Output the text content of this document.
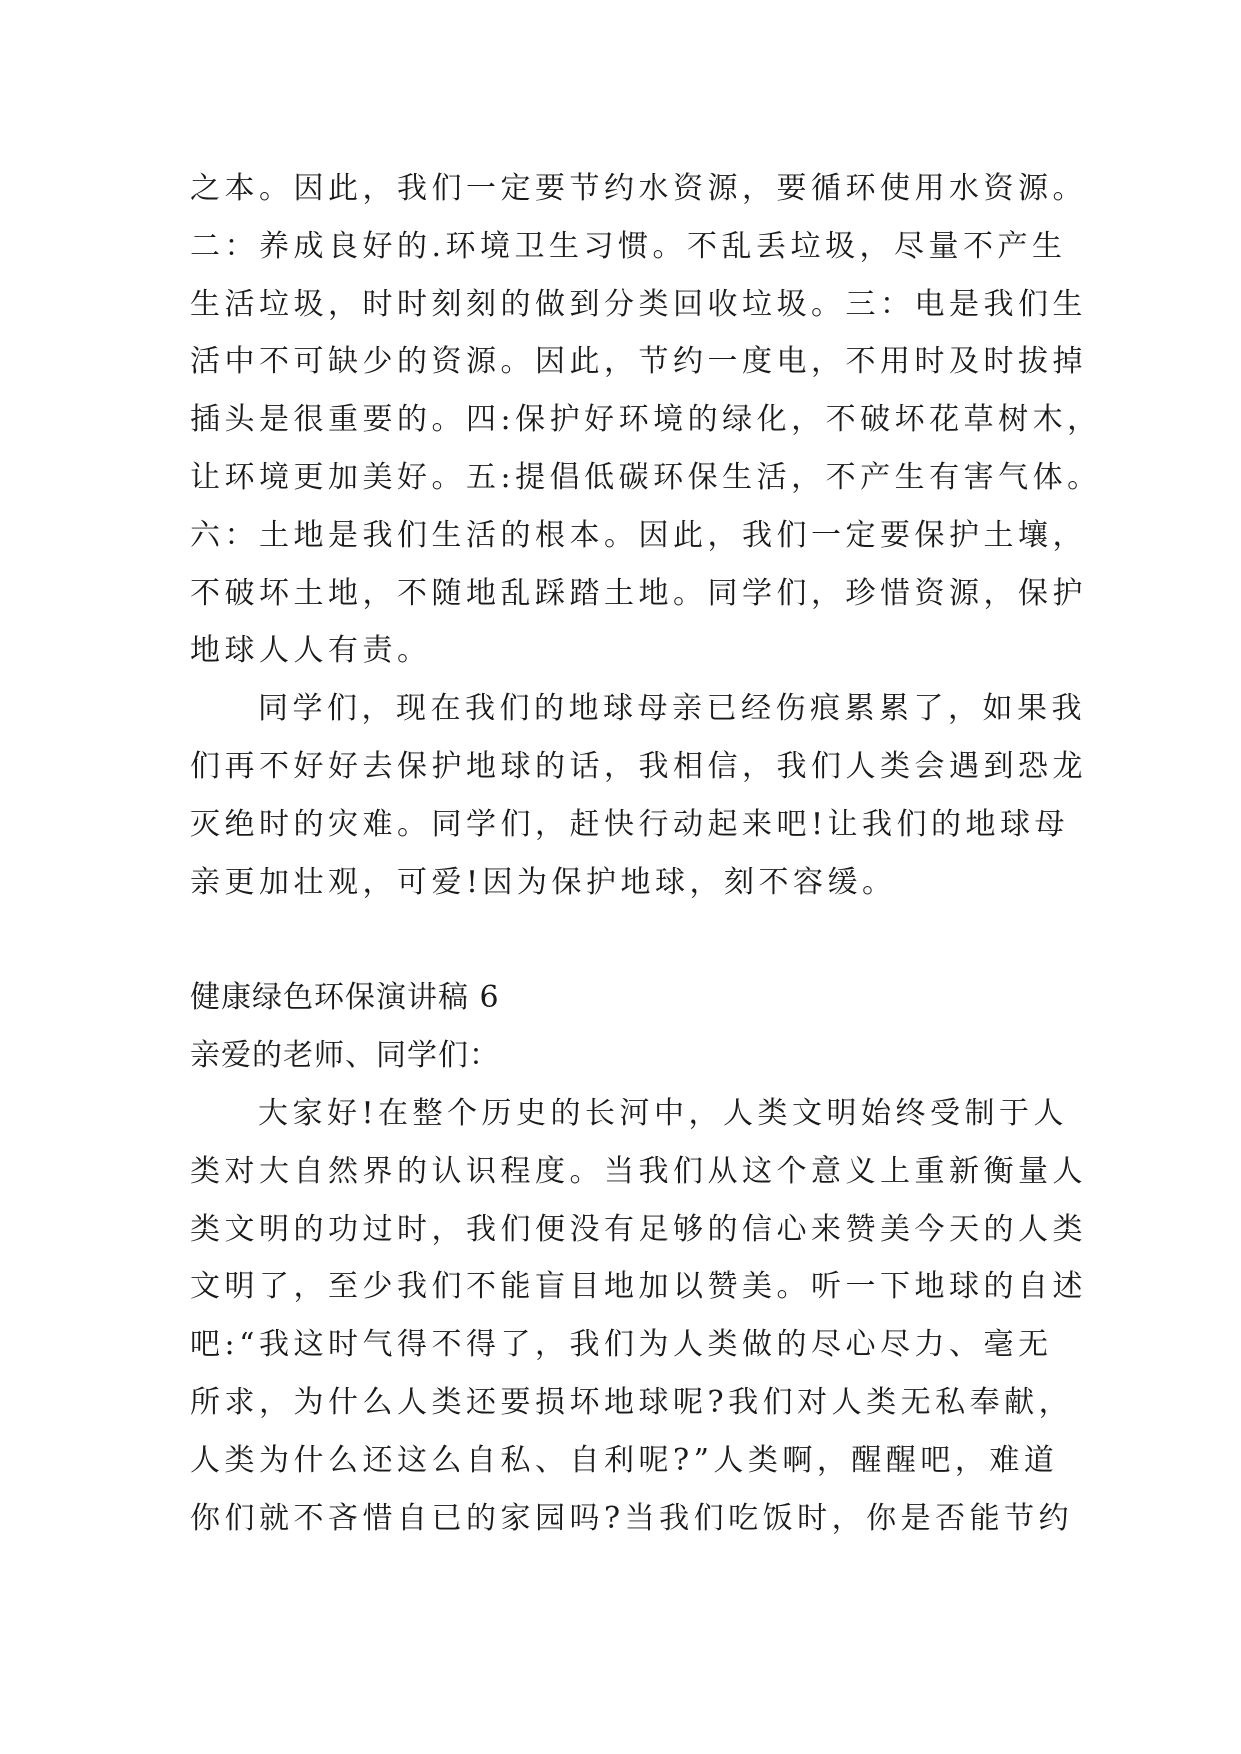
之本。因此，我们一定要节约水资源，要循环使用水资源。
二：养成良好的.环境卫生习惯。不乱丢垃圾，尽量不产生
生活垃圾，时时刻刻的做到分类回收垃圾。三：电是我们生
活中不可缺少的资源。因此，节约一度电，不用时及时拔掉
插头是很重要的。四:保护好环境的绿化，不破坏花草树木，
让环境更加美好。五:提倡低碳环保生活，不产生有害气体。
六：土地是我们生活的根本。因此，我们一定要保护土壤，
不破坏土地，不随地乱踩踏土地。同学们，珍惜资源，保护
地球人人有责。
同学们，现在我们的地球母亲已经伤痕累累了，如果我
们再不好好去保护地球的话，我相信，我们人类会遇到恐龙
灭绝时的灾难。同学们，赶快行动起来吧!让我们的地球母
亲更加壮观，可爱!因为保护地球，刻不容缓。
健康绿色环保演讲稿 6
亲爱的老师、同学们：
大家好!在整个历史的长河中，人类文明始终受制于人
类对大自然界的认识程度。当我们从这个意义上重新衡量人
类文明的功过时，我们便没有足够的信心来赞美今天的人类
文明了，至少我们不能盲目地加以赞美。听一下地球的自述
吧:“我这时气得不得了，我们为人类做的尽心尽力、毫无
所求，为什么人类还要损坏地球呢?我们对人类无私奉献，
人类为什么还这么自私、自利呢?”人类啊，醒醒吧，难道
你们就不吝惜自已的家园吗?当我们吃饭时，你是否能节约
